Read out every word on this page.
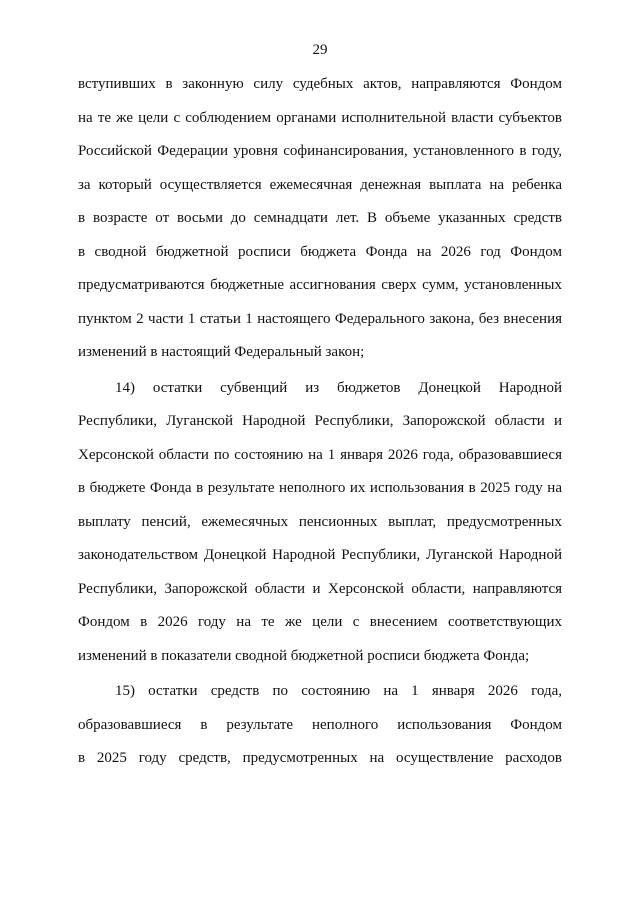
29
вступивших в законную силу судебных актов, направляются Фондом
на те же цели с соблюдением органами исполнительной власти субъектов
Российской Федерации уровня софинансирования, установленного в году,
за который осуществляется ежемесячная денежная выплата на ребенка
в возрасте от восьми до семнадцати лет. В объеме указанных средств
в сводной бюджетной росписи бюджета Фонда на 2026 год Фондом
предусматриваются бюджетные ассигнования сверх сумм, установленных
пунктом 2 части 1 статьи 1 настоящего Федерального закона, без внесения
изменений в настоящий Федеральный закон;
14) остатки субвенций из бюджетов Донецкой Народной
Республики, Луганской Народной Республики, Запорожской области и
Херсонской области по состоянию на 1 января 2026 года, образовавшиеся
в бюджете Фонда в результате неполного их использования в 2025 году на
выплату пенсий, ежемесячных пенсионных выплат, предусмотренных
законодательством Донецкой Народной Республики, Луганской Народной
Республики, Запорожской области и Херсонской области, направляются
Фондом в 2026 году на те же цели с внесением соответствующих
изменений в показатели сводной бюджетной росписи бюджета Фонда;
15) остатки средств по состоянию на 1 января 2026 года,
образовавшиеся в результате неполного использования Фондом
в 2025 году средств, предусмотренных на осуществление расходов
